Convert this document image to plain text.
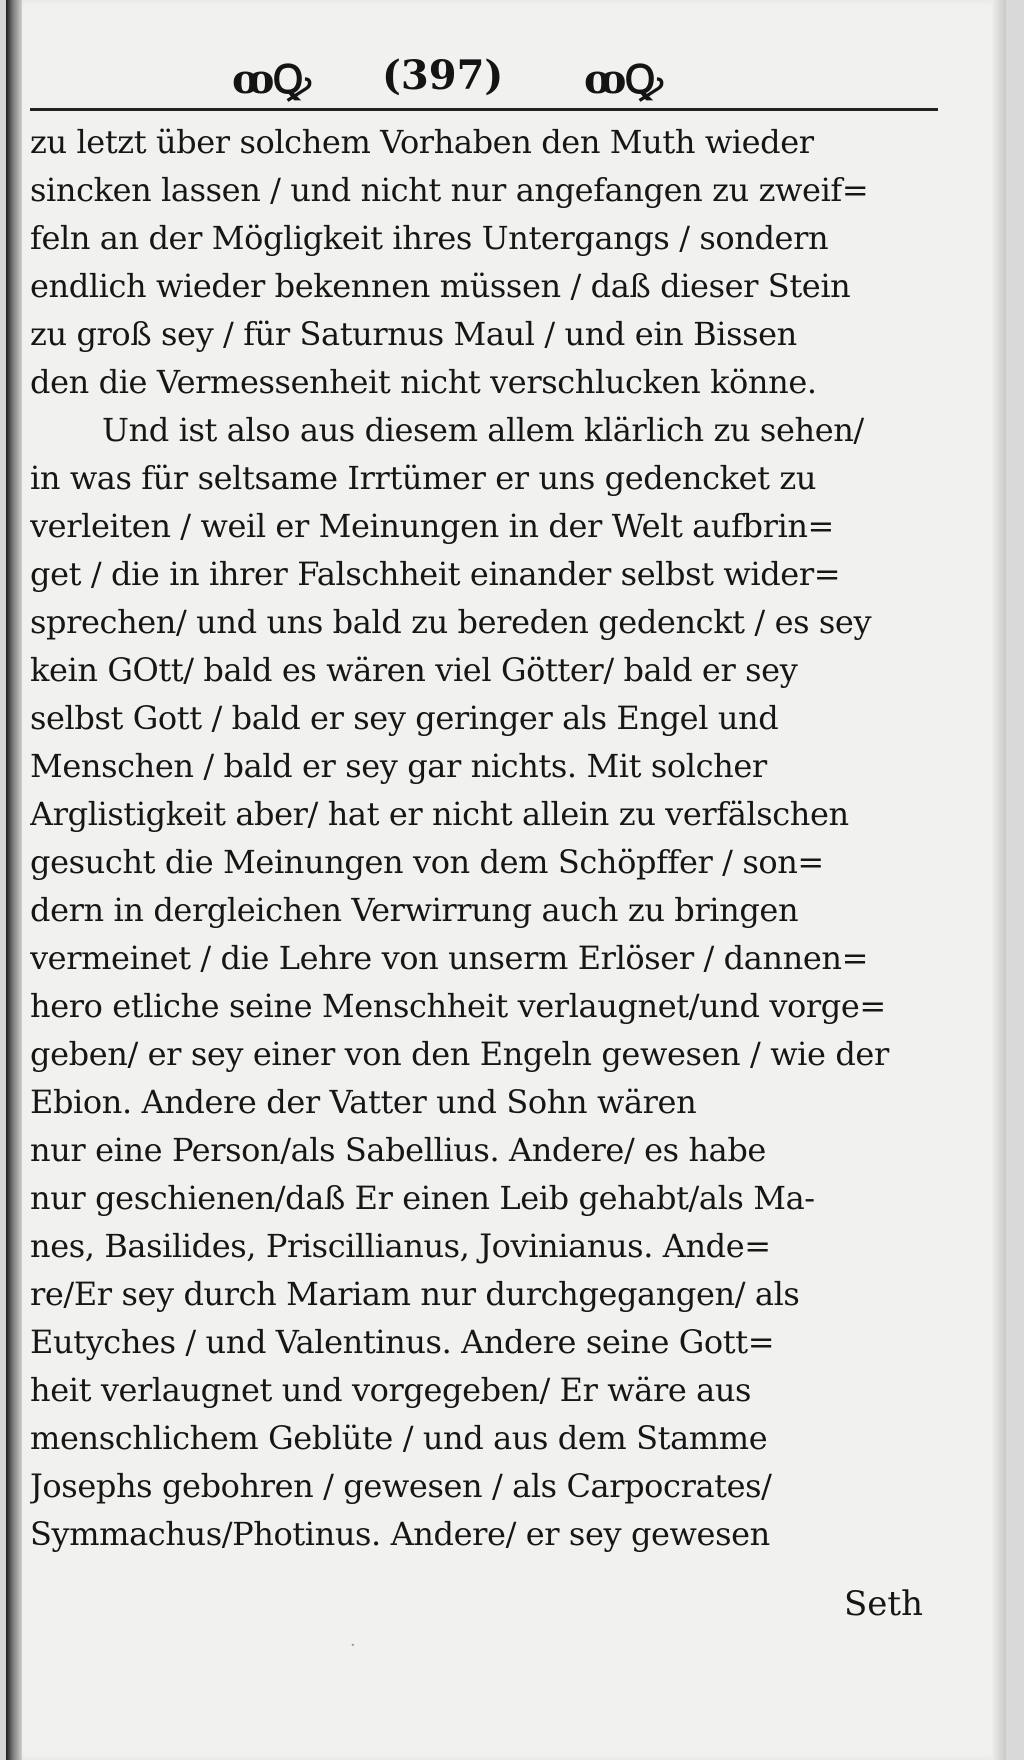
ꝏꝘ (397) ꝏꝘ
zu letzt über solchem Vorhaben den Muth wieder
sincken lassen / und nicht nur angefangen zu zweif=
feln an der Mögligkeit ihres Untergangs / sondern
endlich wieder bekennen müssen / daß dieser Stein
zu groß sey / für Saturnus Maul / und ein Bissen
den die Vermessenheit nicht verschlucken könne.
Und ist also aus diesem allem klärlich zu sehen/
in was für seltsame Irrtümer er uns gedencket zu
verleiten / weil er Meinungen in der Welt aufbrin=
get / die in ihrer Falschheit einander selbst wider=
sprechen/ und uns bald zu bereden gedenckt / es sey
kein GOtt/ bald es wären viel Götter/ bald er sey
selbst Gott / bald er sey geringer als Engel und
Menschen / bald er sey gar nichts. Mit solcher
Arglistigkeit aber/ hat er nicht allein zu verfälschen
gesucht die Meinungen von dem Schöpffer / son=
dern in dergleichen Verwirrung auch zu bringen
vermeinet / die Lehre von unserm Erlöser / dannen=
hero etliche seine Menschheit verlaugnet/und vorge=
geben/ er sey einer von den Engeln gewesen / wie der
Ebion. Andere der Vatter und Sohn wären
nur eine Person/als Sabellius. Andere/ es habe
nur geschienen/daß Er einen Leib gehabt/als Ma-
nes, Basilides, Priscillianus, Jovinianus. Ande=
re/Er sey durch Mariam nur durchgegangen/ als
Eutyches / und Valentinus. Andere seine Gott=
heit verlaugnet und vorgegeben/ Er wäre aus
menschlichem Geblüte / und aus dem Stamme
Josephs gebohren / gewesen / als Carpocrates/
Symmachus/Photinus. Andere/ er sey gewesen
Seth
·
